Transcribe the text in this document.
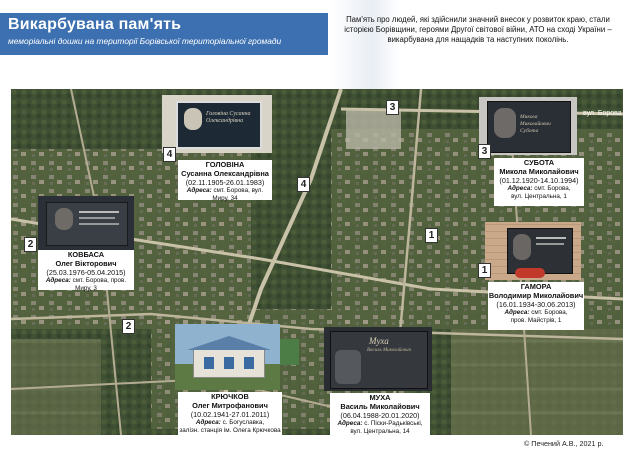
Викарбувана пам'ять
меморіальні дошки на території Борівської територіальної громади
Пам'ять про людей, які здійснили значний внесок у розвиток краю, стали історією Борівщини, героями Другої світової війни, АТО на сході України – викарбувана для нащадків та наступних поколінь.
вул. Борова
3
4
1
2
Головіна Сусанна Олександрівна
4
ГОЛОВІНА
Сусанна Олександрівна
(02.11.1905-26.01.1983)
Адреса: смт. Борова, вул. Миру, 34
2
КОВБАСА
Олег Вікторович
(25.03.1976-05.04.2015)
Адреса: смт. Борова, пров. Миру, 3
Микола Миколайович Субота
3
СУБОТА
Микола Миколайович
(01.12.1920-14.10.1994)
Адреса: смт. Борова,
вул. Центральна, 1
1
ГАМОРА
Володимир Миколайович
(16.01.1934-30.06.2013)
Адреса: смт. Борова,
пров. Майстрів, 1
КРЮЧКОВ
Олег Митрофанович
(10.02.1941-27.01.2011)
Адреса: с. Богуславка,
залізн. станція ім. Олега Крючкова
Муха
Василь Миколайович
МУХА
Василь Миколайович
(06.04.1988-20.01.2020)
Адреса: с. Піски-Радьківські,
вул. Центральна, 14
© Печений А.В., 2021 р.
